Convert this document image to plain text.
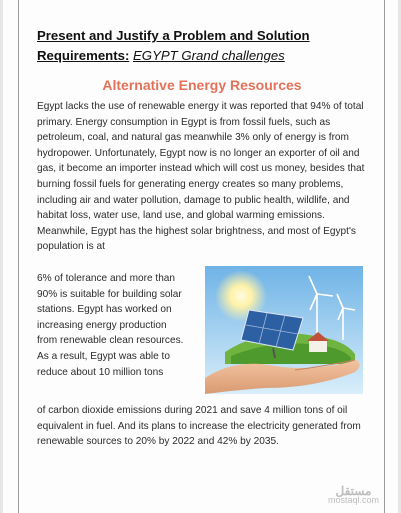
Present and Justify a Problem and Solution
Requirements: EGYPT Grand challenges
Alternative Energy Resources
Egypt lacks the use of renewable energy it was reported that 94% of total primary. Energy consumption in Egypt is from fossil fuels, such as petroleum, coal, and natural gas meanwhile 3% only of energy is from hydropower. Unfortunately, Egypt now is no longer an exporter of oil and gas, it become an importer instead which will cost us money, besides that burning fossil fuels for generating energy creates so many problems, including air and water pollution, damage to public health, wildlife, and habitat loss, water use, land use, and global warming emissions. Meanwhile, Egypt has the highest solar brightness, and most of Egypt's population is at
6% of tolerance and more than 90% is suitable for building solar stations. Egypt has worked on increasing energy production from renewable clean resources. As a result, Egypt was able to reduce about 10 million tons
of carbon dioxide emissions during 2021 and save 4 million tons of oil equivalent in fuel. And its plans to increase the electricity generated from renewable sources to 20% by 2022 and 42% by 2035.
مستقل
mostaql.com
